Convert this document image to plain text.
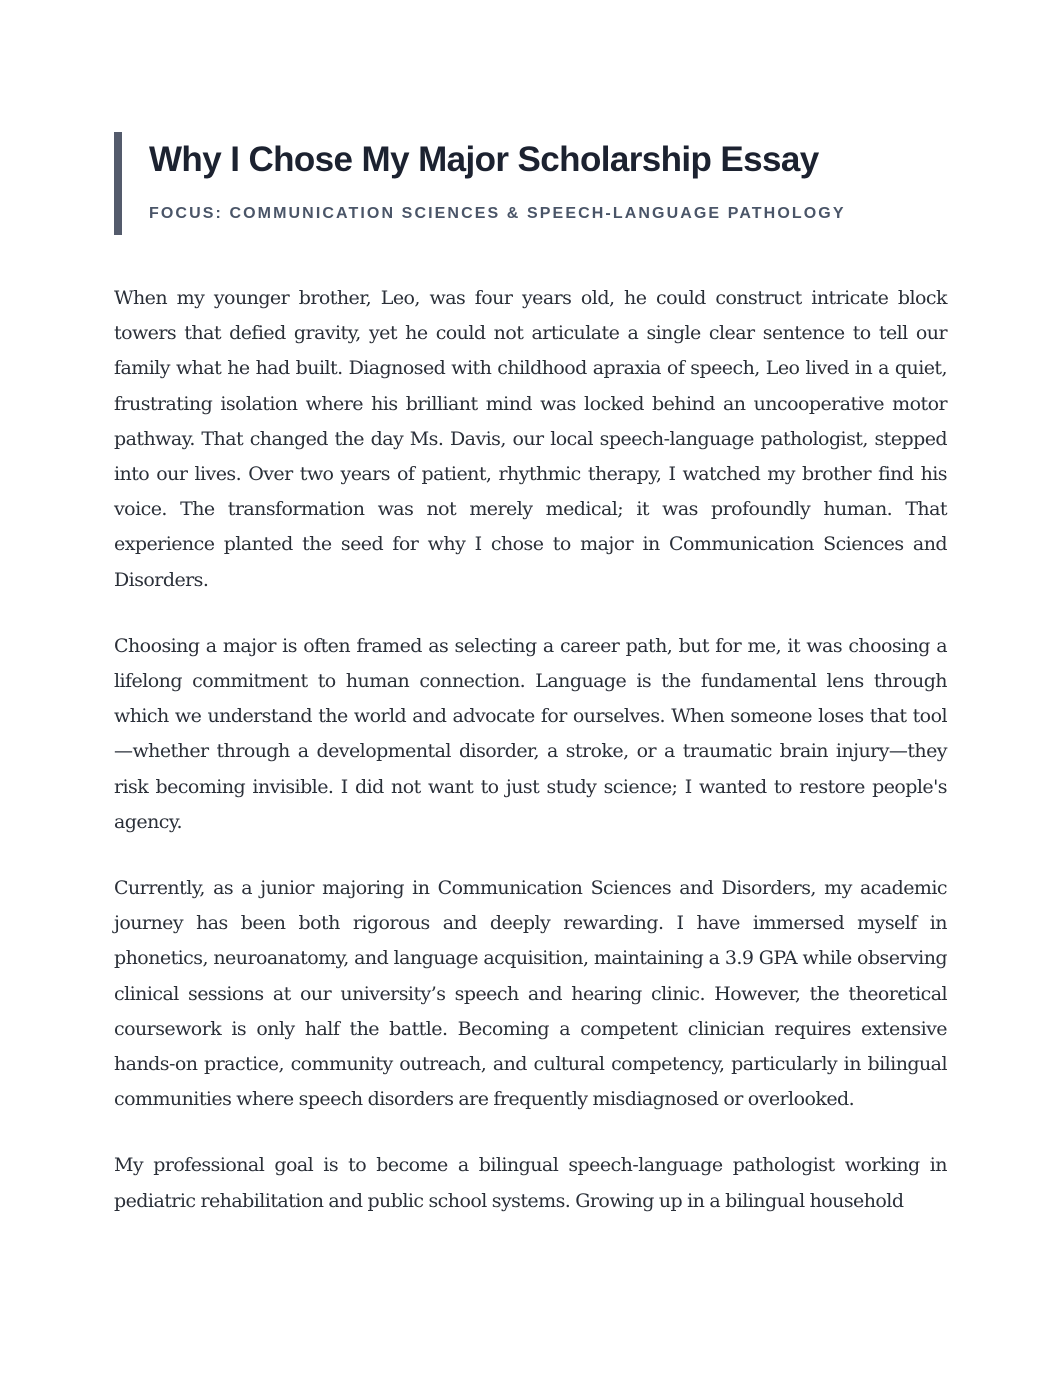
Why I Chose My Major Scholarship Essay

FOCUS: COMMUNICATION SCIENCES & SPEECH-LANGUAGE PATHOLOGY

When my younger brother, Leo, was four years old, he could construct intricate block towers that defied gravity, yet he could not articulate a single clear sentence to tell our family what he had built. Diagnosed with childhood apraxia of speech, Leo lived in a quiet, frustrating isolation where his brilliant mind was locked behind an uncooperative motor pathway. That changed the day Ms. Davis, our local speech-language pathologist, stepped into our lives. Over two years of patient, rhythmic therapy, I watched my brother find his voice. The transformation was not merely medical; it was profoundly human. That experience planted the seed for why I chose to major in Communication Sciences and Disorders.

Choosing a major is often framed as selecting a career path, but for me, it was choosing a lifelong commitment to human connection. Language is the fundamental lens through which we understand the world and advocate for ourselves. When someone loses that tool—whether through a developmental disorder, a stroke, or a traumatic brain injury—they risk becoming invisible. I did not want to just study science; I wanted to restore people's agency.

Currently, as a junior majoring in Communication Sciences and Disorders, my academic journey has been both rigorous and deeply rewarding. I have immersed myself in phonetics, neuroanatomy, and language acquisition, maintaining a 3.9 GPA while observing clinical sessions at our university’s speech and hearing clinic. However, the theoretical coursework is only half the battle. Becoming a competent clinician requires extensive hands-on practice, community outreach, and cultural competency, particularly in bilingual communities where speech disorders are frequently misdiagnosed or overlooked.

My professional goal is to become a bilingual speech-language pathologist working in pediatric rehabilitation and public school systems. Growing up in a bilingual household
